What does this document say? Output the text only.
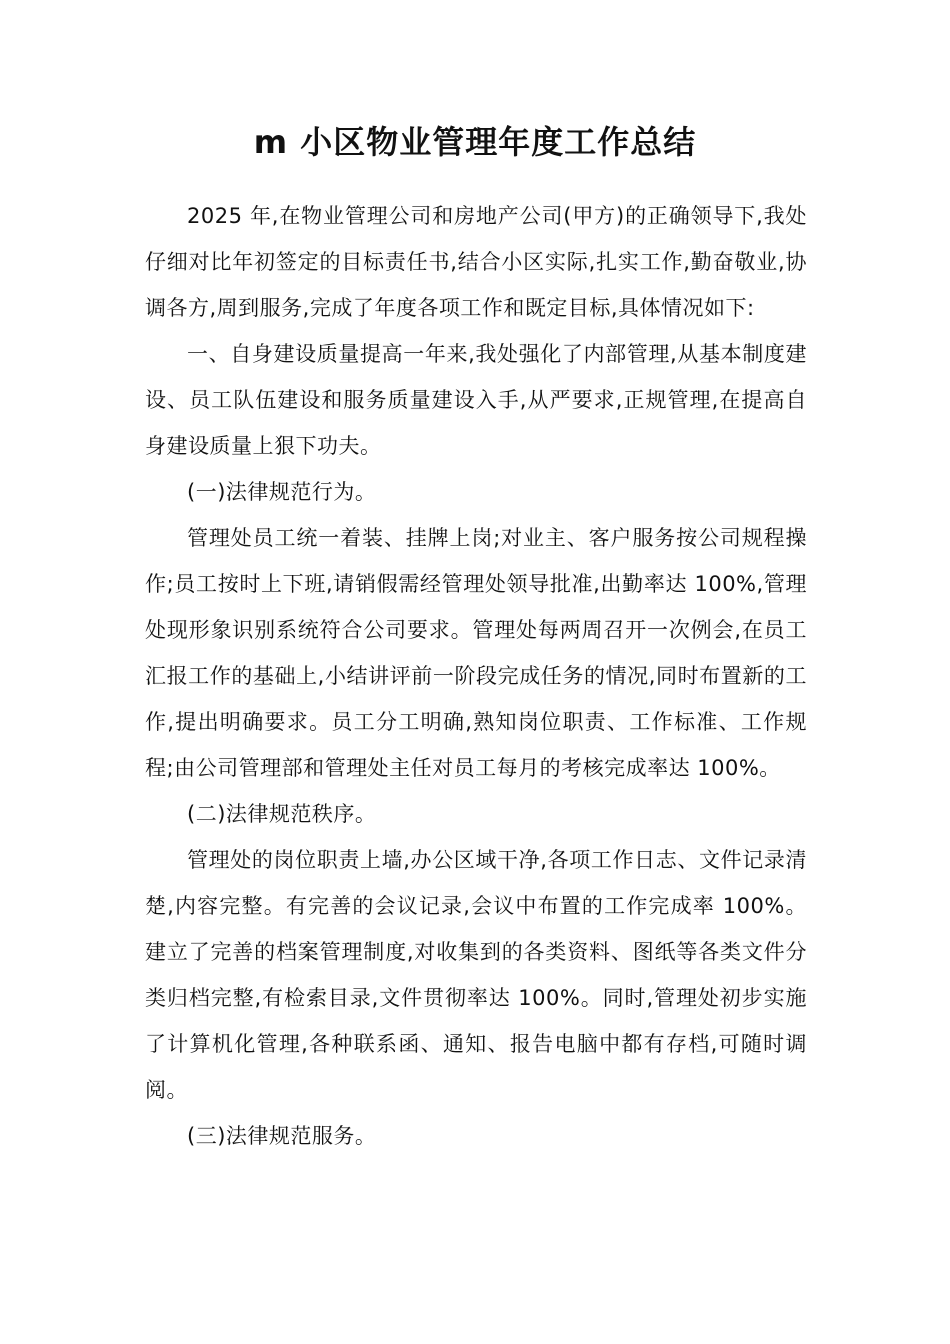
m 小区物业管理年度工作总结

2025 年,在物业管理公司和房地产公司(甲方)的正确领导下,我处仔细对比年初签定的目标责任书,结合小区实际,扎实工作,勤奋敬业,协调各方,周到服务,完成了年度各项工作和既定目标,具体情况如下:

一、自身建设质量提高一年来,我处强化了内部管理,从基本制度建设、员工队伍建设和服务质量建设入手,从严要求,正规管理,在提高自身建设质量上狠下功夫。

(一)法律规范行为。

管理处员工统一着装、挂牌上岗;对业主、客户服务按公司规程操作;员工按时上下班,请销假需经管理处领导批准,出勤率达 100%,管理处现形象识别系统符合公司要求。管理处每两周召开一次例会,在员工汇报工作的基础上,小结讲评前一阶段完成任务的情况,同时布置新的工作,提出明确要求。员工分工明确,熟知岗位职责、工作标准、工作规程;由公司管理部和管理处主任对员工每月的考核完成率达 100%。

(二)法律规范秩序。

管理处的岗位职责上墙,办公区域干净,各项工作日志、文件记录清楚,内容完整。有完善的会议记录,会议中布置的工作完成率 100%。建立了完善的档案管理制度,对收集到的各类资料、图纸等各类文件分类归档完整,有检索目录,文件贯彻率达 100%。同时,管理处初步实施了计算机化管理,各种联系函、通知、报告电脑中都有存档,可随时调阅。

(三)法律规范服务。
